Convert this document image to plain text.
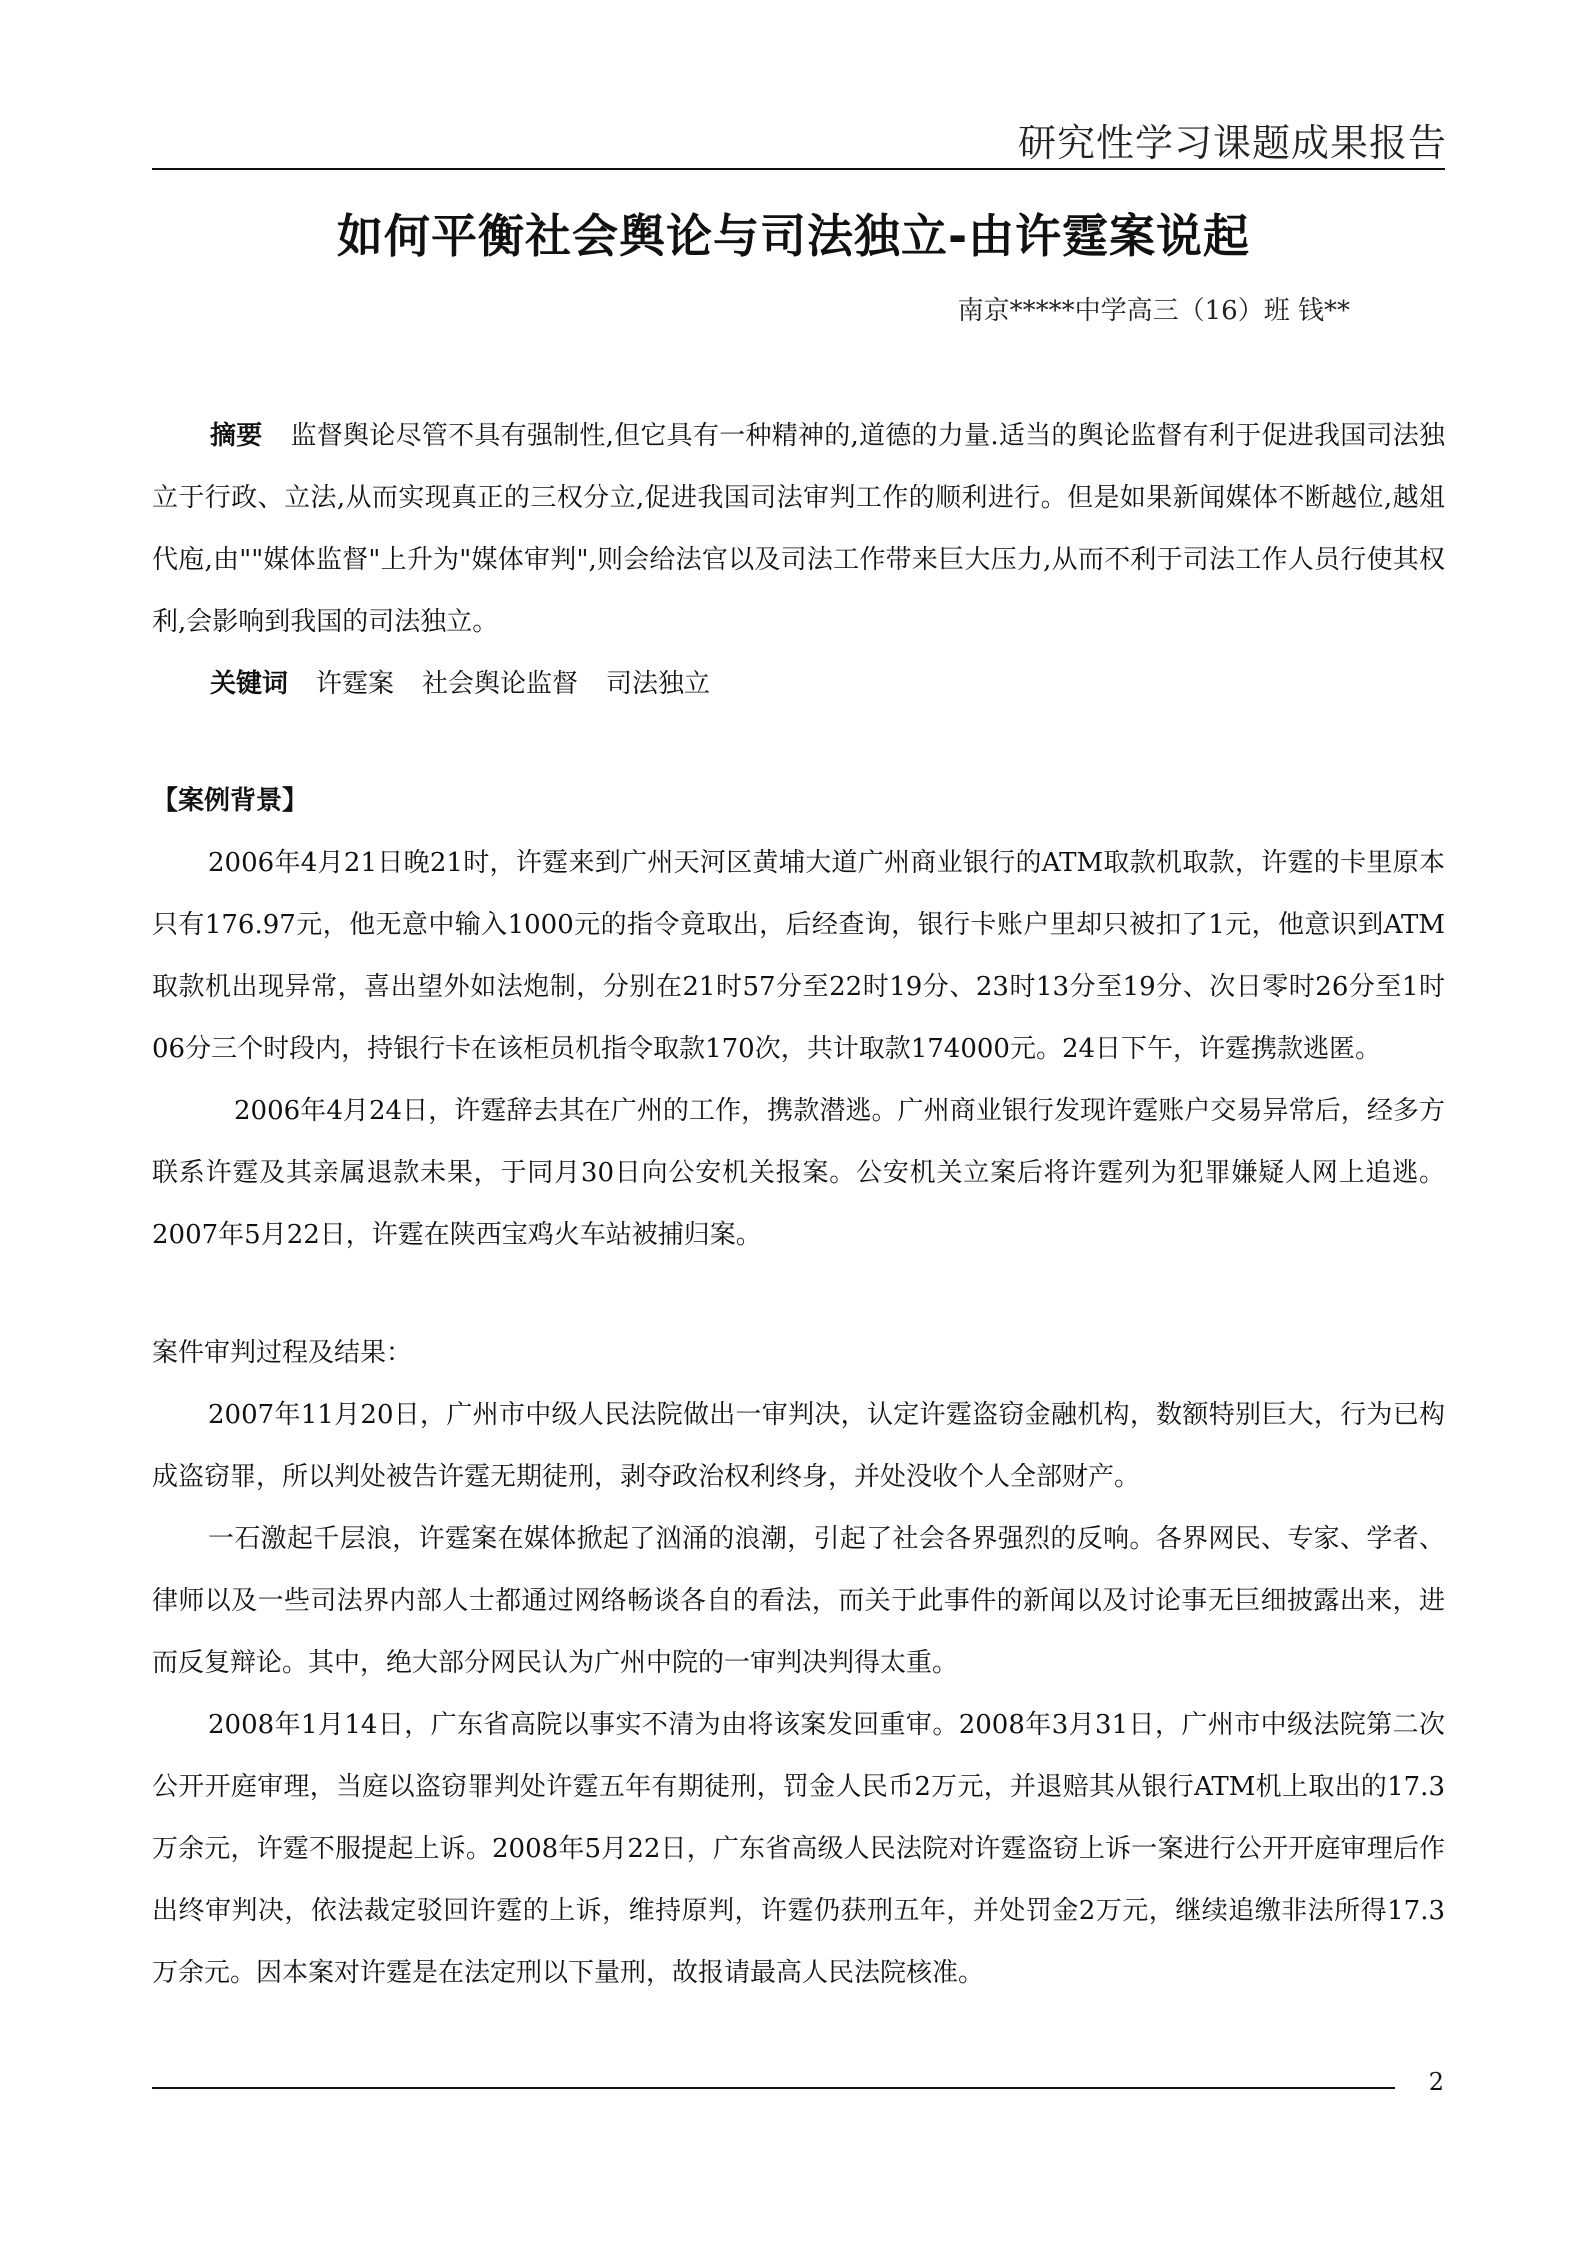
研究性学习课题成果报告
如何平衡社会舆论与司法独立-由许霆案说起
南京*****中学高三（16）班 钱**

摘要 监督舆论尽管不具有强制性,但它具有一种精神的,道德的力量.适当的舆论监督有利于促进我国司法独立于行政、立法,从而实现真正的三权分立,促进我国司法审判工作的顺利进行。但是如果新闻媒体不断越位,越俎代庖,由""媒体监督"上升为"媒体审判",则会给法官以及司法工作带来巨大压力,从而不利于司法工作人员行使其权利,会影响到我国的司法独立。

关键词 许霆案 社会舆论监督 司法独立

【案例背景】

2006年4月21日晚21时，许霆来到广州天河区黄埔大道广州商业银行的ATM取款机取款，许霆的卡里原本只有176.97元，他无意中输入1000元的指令竟取出，后经查询，银行卡账户里却只被扣了1元，他意识到ATM取款机出现异常，喜出望外如法炮制，分别在21时57分至22时19分、23时13分至19分、次日零时26分至1时06分三个时段内，持银行卡在该柜员机指令取款170次，共计取款174000元。24日下午，许霆携款逃匿。

2006年4月24日，许霆辞去其在广州的工作，携款潜逃。广州商业银行发现许霆账户交易异常后，经多方联系许霆及其亲属退款未果，于同月30日向公安机关报案。公安机关立案后将许霆列为犯罪嫌疑人网上追逃。2007年5月22日，许霆在陕西宝鸡火车站被捕归案。

案件审判过程及结果：

2007年11月20日，广州市中级人民法院做出一审判决，认定许霆盗窃金融机构，数额特别巨大，行为已构成盗窃罪，所以判处被告许霆无期徒刑，剥夺政治权利终身，并处没收个人全部财产。

一石激起千层浪，许霆案在媒体掀起了汹涌的浪潮，引起了社会各界强烈的反响。各界网民、专家、学者、律师以及一些司法界内部人士都通过网络畅谈各自的看法，而关于此事件的新闻以及讨论事无巨细披露出来，进而反复辩论。其中，绝大部分网民认为广州中院的一审判决判得太重。

2008年1月14日，广东省高院以事实不清为由将该案发回重审。2008年3月31日，广州市中级法院第二次公开开庭审理，当庭以盗窃罪判处许霆五年有期徒刑，罚金人民币2万元，并退赔其从银行ATM机上取出的17.3万余元，许霆不服提起上诉。2008年5月22日，广东省高级人民法院对许霆盗窃上诉一案进行公开开庭审理后作出终审判决，依法裁定驳回许霆的上诉，维持原判，许霆仍获刑五年，并处罚金2万元，继续追缴非法所得17.3万余元。因本案对许霆是在法定刑以下量刑，故报请最高人民法院核准。

2
